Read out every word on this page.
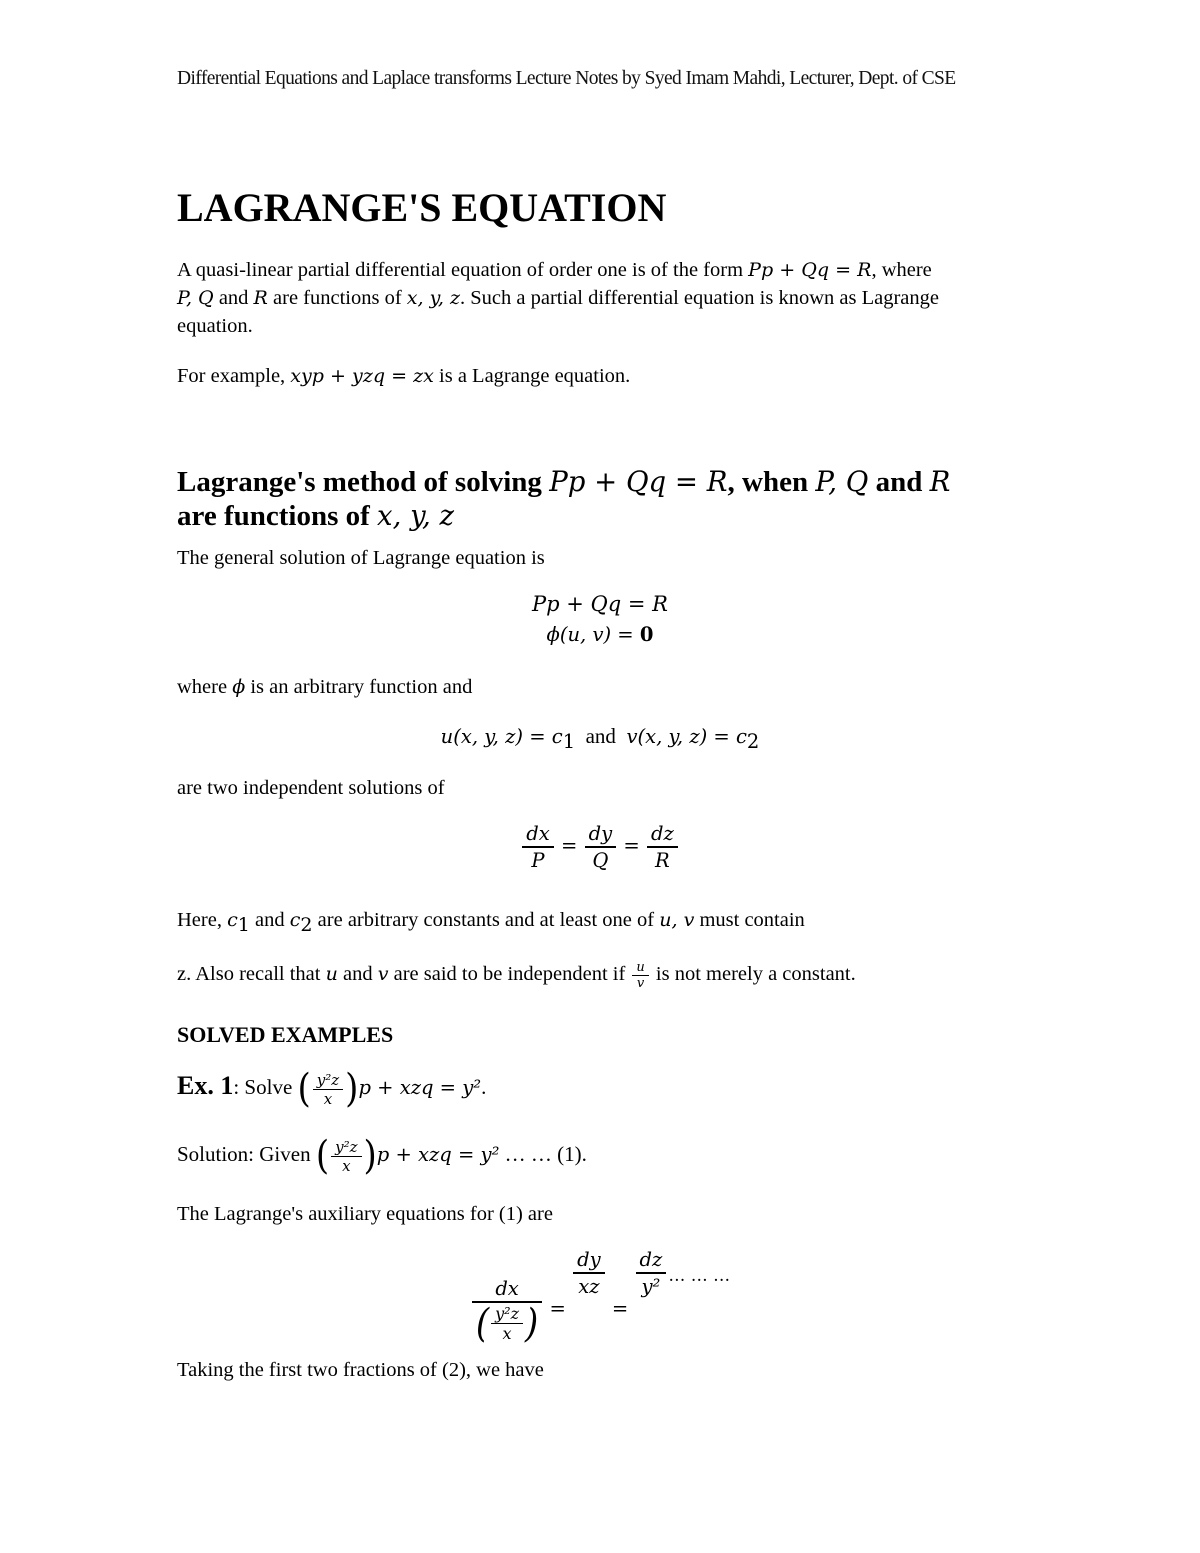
Differential Equations and Laplace transforms Lecture Notes by Syed Imam Mahdi, Lecturer, Dept. of CSE
LAGRANGE'S EQUATION
A quasi-linear partial differential equation of order one is of the form Pp + Qq = R, where
P, Q and R are functions of x, y, z. Such a partial differential equation is known as Lagrange
equation.
For example, xyp + yzq = zx is a Lagrange equation.
Lagrange's method of solving Pp + Qq = R, when P, Q and R
are functions of x, y, z
The general solution of Lagrange equation is
Pp + Qq = R
ϕ(u, v) = 0
where ϕ is an arbitrary function and
u(x, y, $z) = c_1$ and v(x, y, $z) = c_2$
are two independent solutions of
$\frac{dx}{P} = \frac{dy}{Q} = \frac{dz}{R}$
Here, $c_1$ and $c_2$ are arbitrary constants and at least one of u, v must contain
z. Also recall that u and v are said to be independent if $\frac{u}{v}$ is not merely a constant.
SOLVED EXAMPLES
Ex. 1: Solve ( $\frac{\text{y²z}}{x} )p$ + xzq = y².
Solution: Given ( $\frac{\text{y²z}}{x} )p$ + xzq = y² … … (1).
The Lagrange's auxiliary equations for (1) are
$\frac{dx}{( \frac{\text{y²z}}{x} )}$ =
$\frac{dy}{xz}$
=
$\frac{dz}{\text{y²}} ^{\dots \dots \dots}$
Taking the first two fractions of (2), we have
